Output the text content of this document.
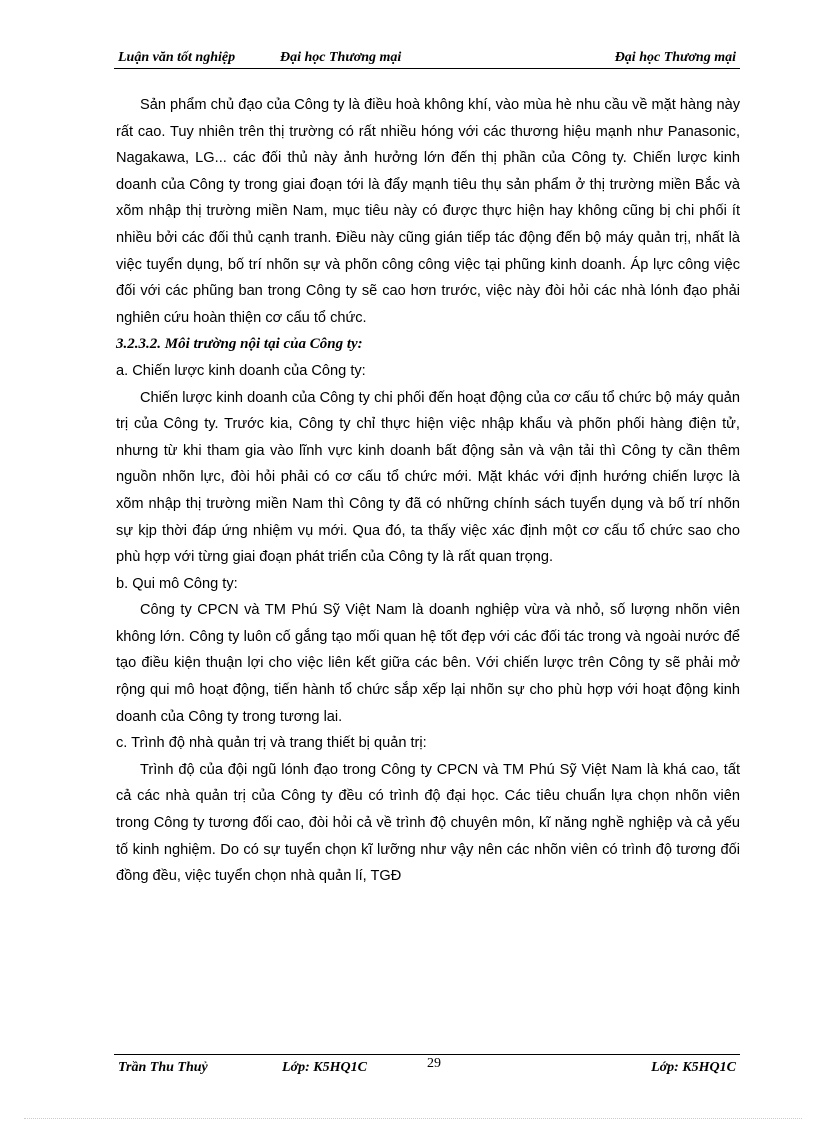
Luận văn tốt nghiệp	Đại học Thương mại	Đại học Thương mại

Sản phẩm chủ đạo của Công ty là điều hoà không khí, vào mùa hè nhu cầu về mặt hàng này rất cao. Tuy nhiên trên thị trường có rất nhiều hóng với các thương hiệu mạnh như Panasonic, Nagakawa, LG... các đối thủ này ảnh hưởng lớn đến thị phần của Công ty. Chiến lược kinh doanh của Công ty trong giai đoạn tới là đẩy mạnh tiêu thụ sản phẩm ở thị trường miền Bắc và xõm nhập thị trường miền Nam, mục tiêu này có được thực hiện hay không cũng bị chi phối ít nhiều bởi các đối thủ cạnh tranh. Điều này cũng gián tiếp tác động đến bộ máy quản trị, nhất là việc tuyển dụng, bố trí nhõn sự và phõn công công việc tại phũng kinh doanh. Áp lực công việc đối với các phũng ban trong Công ty sẽ cao hơn trước, việc này đòi hỏi các nhà lónh đạo phải nghiên cứu hoàn thiện cơ cấu tổ chức.

3.2.3.2. Môi trường nội tại của Công ty:

a. Chiến lược kinh doanh của Công ty:

Chiến lược kinh doanh của Công ty chi phối đến hoạt động của cơ cấu tổ chức bộ máy quản trị của Công ty. Trước kia, Công ty chỉ thực hiện việc nhập khẩu và phõn phối hàng điện tử, nhưng từ khi tham gia vào lĩnh vực kinh doanh bất động sản và vận tải thì Công ty cần thêm nguồn nhõn lực, đòi hỏi phải có cơ cấu tổ chức mới. Mặt khác với định hướng chiến lược là xõm nhập thị trường miền Nam thì Công ty đã có những chính sách tuyển dụng và bố trí nhõn sự kịp thời đáp ứng nhiệm vụ mới. Qua đó, ta thấy việc xác định một cơ cấu tổ chức sao cho phù hợp với từng giai đoạn phát triển của Công ty là rất quan trọng.

b. Qui mô Công ty:

Công ty CPCN và TM Phú Sỹ Việt Nam là doanh nghiệp vừa và nhỏ, số lượng nhõn viên không lớn. Công ty luôn cố gắng tạo mối quan hệ tốt đẹp với các đối tác trong và ngoài nước để tạo điều kiện thuận lợi cho việc liên kết giữa các bên. Với chiến lược trên Công ty sẽ phải mở rộng qui mô hoạt động, tiến hành tổ chức sắp xếp lại nhõn sự cho phù hợp với hoạt động kinh doanh của Công ty trong tương lai.

c. Trình độ nhà quản trị và trang thiết bị quản trị:

Trình độ của đội ngũ lónh đạo trong Công ty CPCN và TM Phú Sỹ Việt Nam là khá cao, tất cả các nhà quản trị của Công ty đều có trình độ đại học. Các tiêu chuẩn lựa chọn nhõn viên trong Công ty tương đối cao, đòi hỏi cả về trình độ chuyên môn, kĩ năng nghề nghiệp và cả yếu tố kinh nghiệm. Do có sự tuyển chọn kĩ lưỡng như vậy nên các nhõn viên có trình độ tương đối đồng đều, việc tuyển chọn nhà quản lí, TGĐ

Trần Thu Thuỷ	Lớp: K5HQ1C	29	Lớp: K5HQ1C
